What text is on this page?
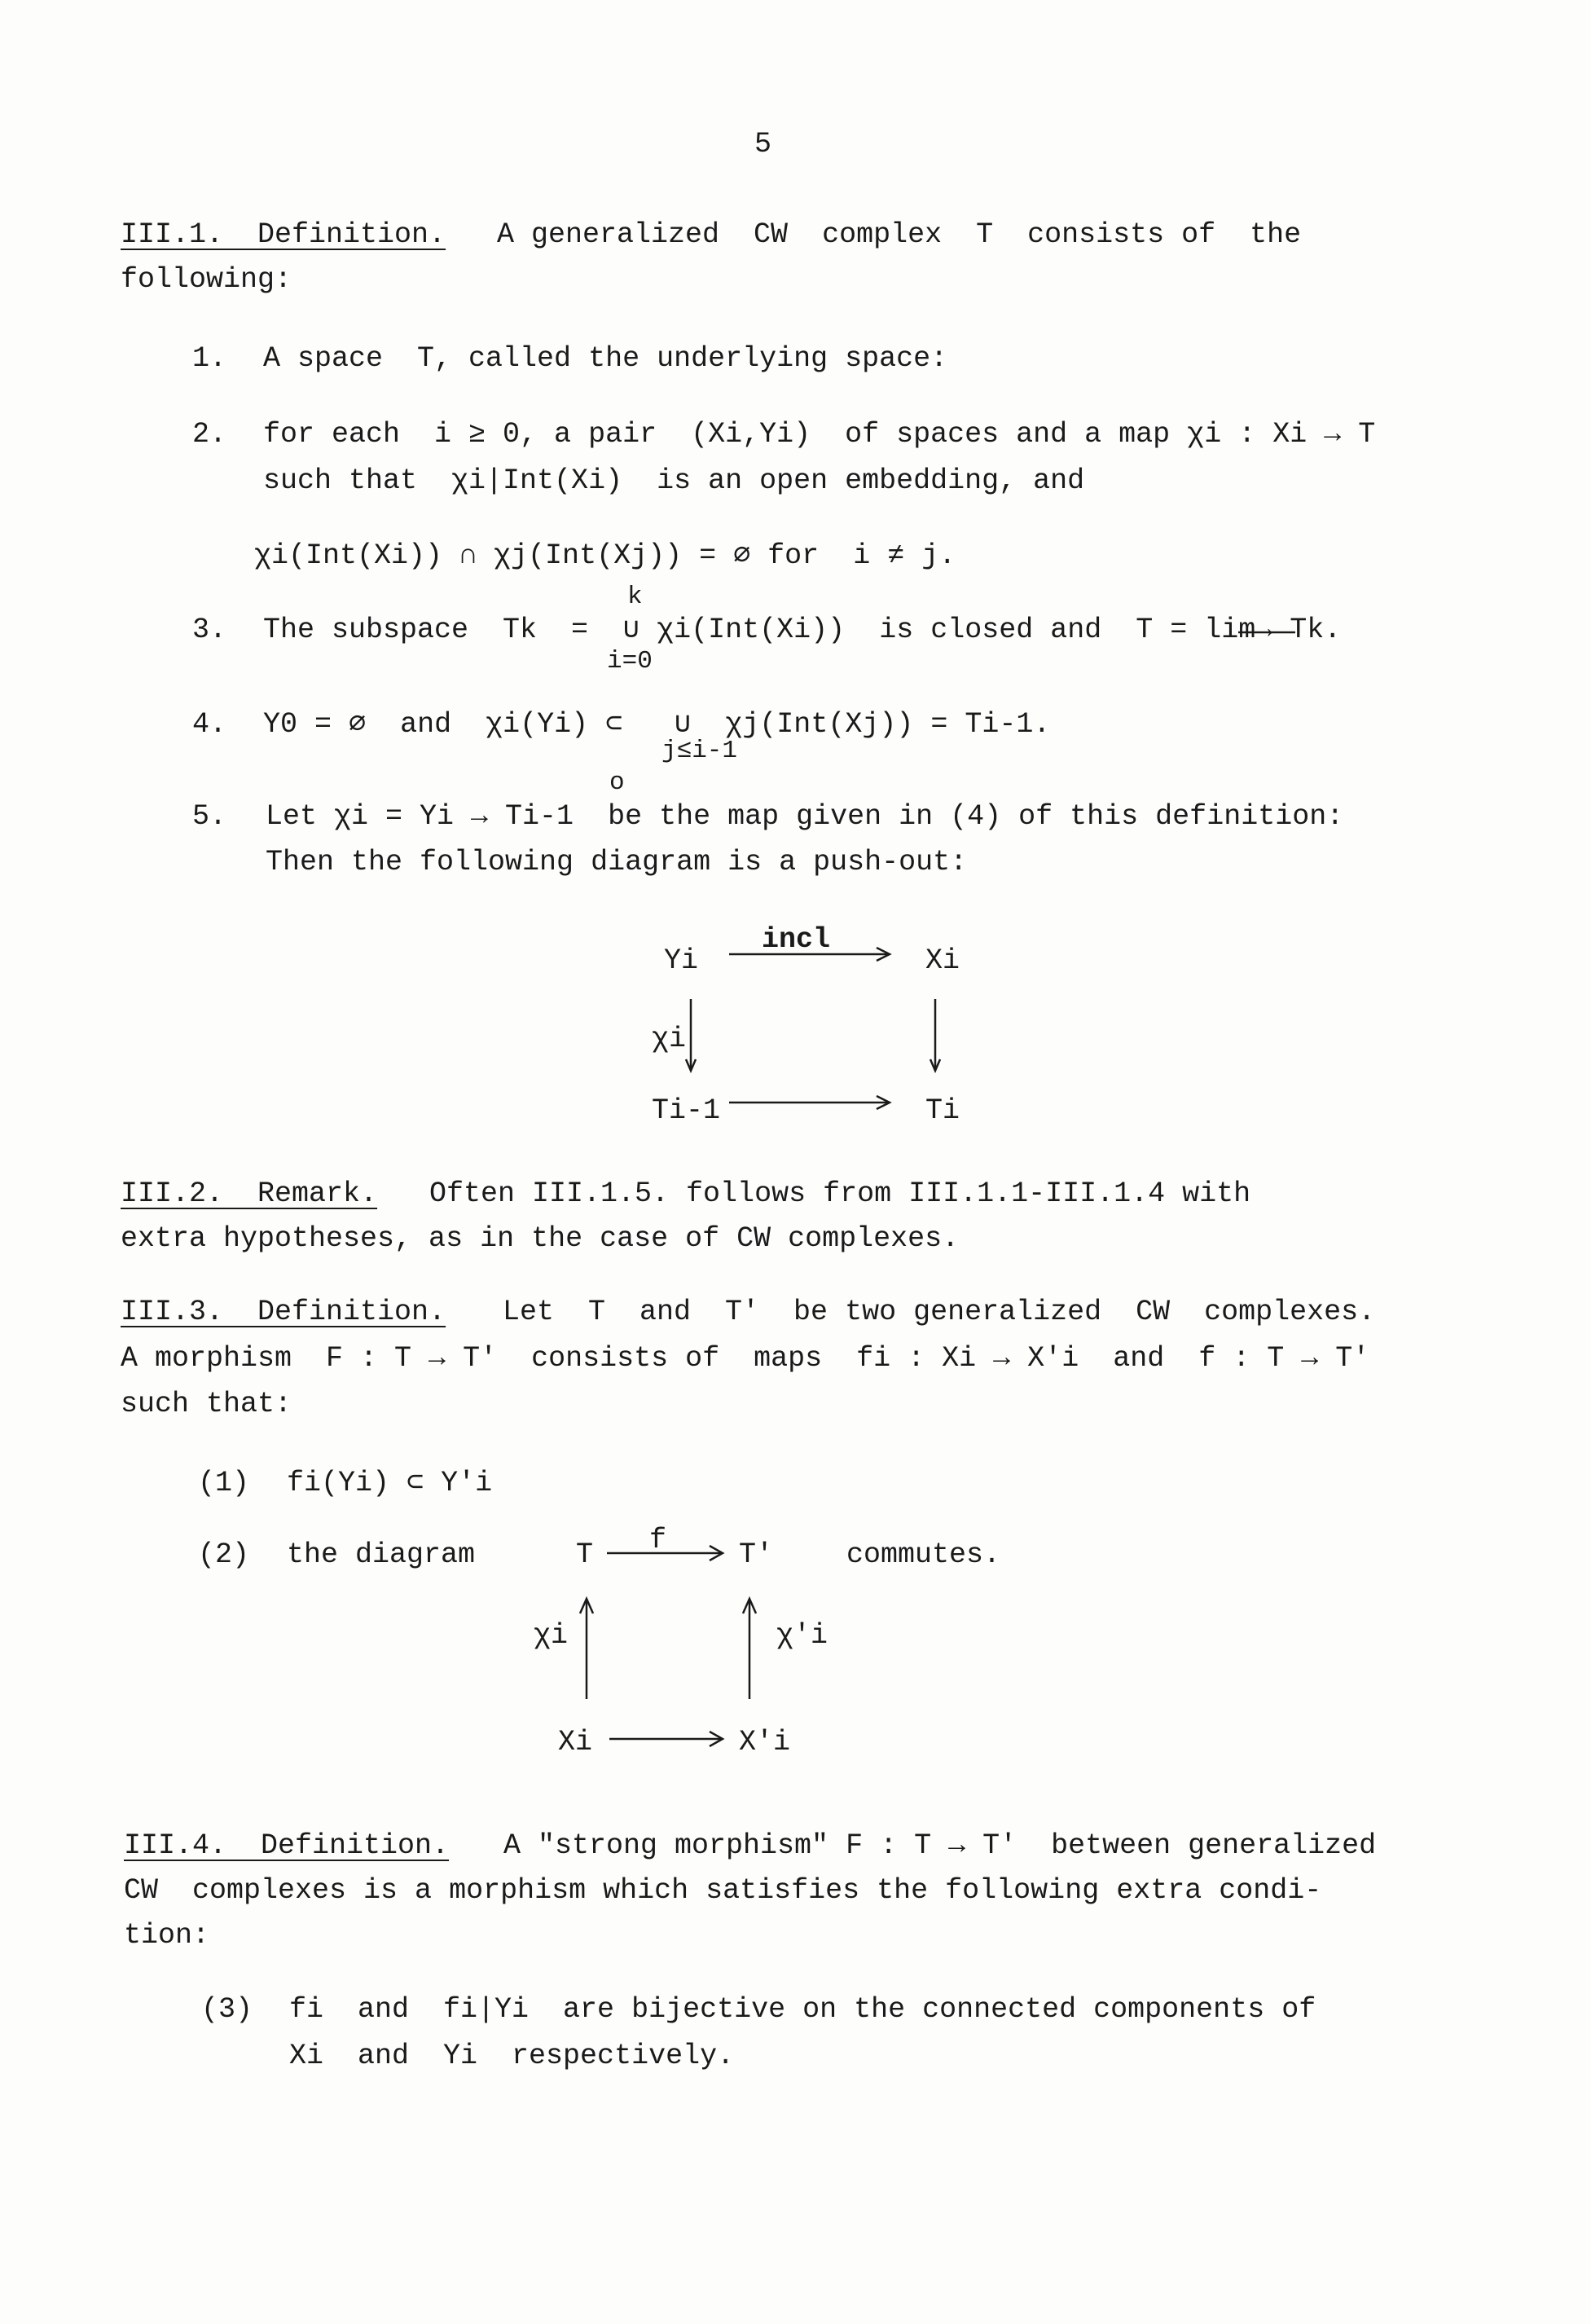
5
III.1.  Definition. A generalized  CW  complex  T  consists of  the
following:
1. A space  T, called the underlying space:
2. for each  i ≥ 0, a pair  (Xi,Yi)  of spaces and a map χi : Xi → T
such that  χi|Int(Xi)  is an open embedding, and
χi(Int(Xi)) ∩ χj(Int(Xj)) = ∅ for  i ≠ j.
k
3. The subspace  Tk  =  ∪ χi(Int(Xi))  is closed and  T = lim→ Tk.
i=0
4. Y0 = ∅  and  χi(Yi) ⊂   ∪  χj(Int(Xj)) = Ti-1.
j≤i-1
o
5. Let χi = Yi → Ti-1  be the map given in (4) of this definition:
Then the following diagram is a push-out:
incl
Yi	Xi
χi
Ti-1	Ti
III.2.  Remark. Often III.1.5. follows from III.1.1-III.1.4 with
extra hypotheses, as in the case of CW complexes.
III.3.  Definition. Let  T  and  T'  be two generalized  CW  complexes.
A morphism  F : T → T'  consists of  maps  fi : Xi → X'i  and  f : T → T'
such that:
(1) fi(Yi) ⊂ Y'i
(2) the diagram	commutes.
f
T	T'
χi	χ'i
Xi	X'i
III.4.  Definition. A "strong morphism" F : T → T'  between generalized
CW  complexes is a morphism which satisfies the following extra condi-
tion:
(3) fi  and  fi|Yi  are bijective on the connected components of
Xi  and  Yi  respectively.
